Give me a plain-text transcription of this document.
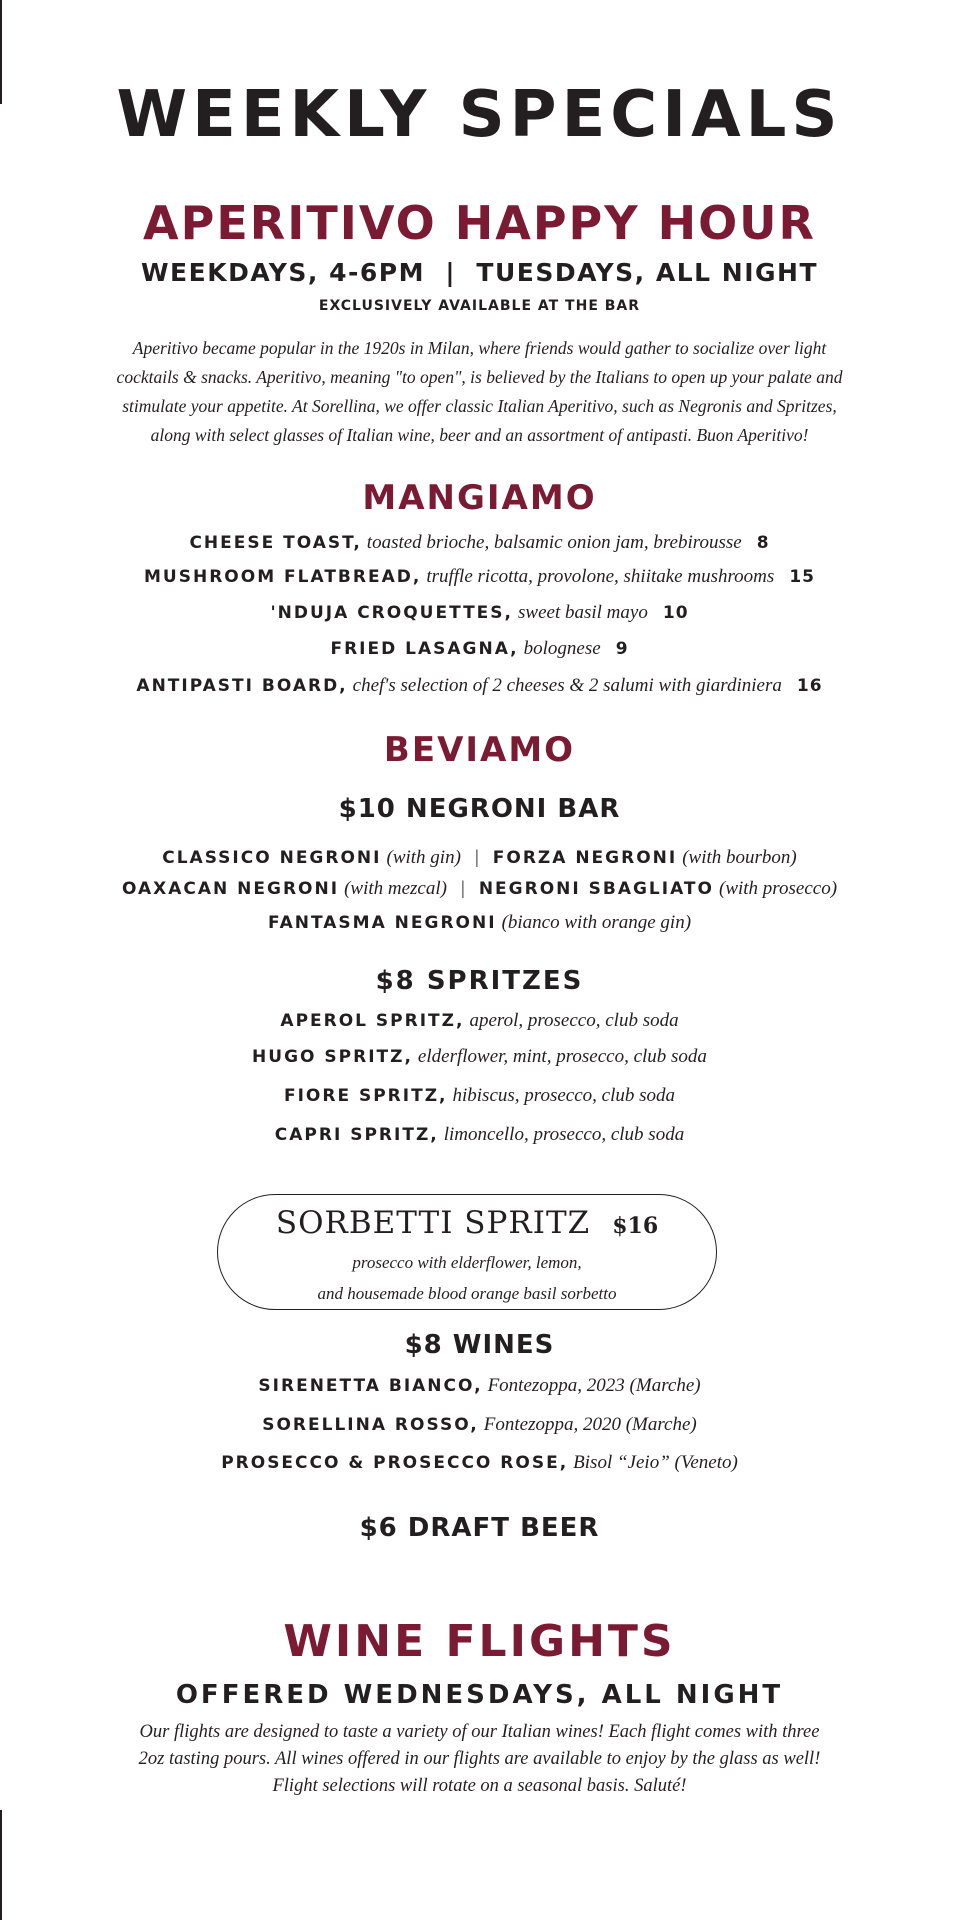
WEEKLY SPECIALS
APERITIVO HAPPY HOUR
WEEKDAYS, 4-6PM  |  TUESDAYS, ALL NIGHT
EXCLUSIVELY AVAILABLE AT THE BAR
Aperitivo became popular in the 1920s in Milan, where friends would gather to socialize over light
cocktails & snacks. Aperitivo, meaning "to open", is believed by the Italians to open up your palate and
stimulate your appetite. At Sorellina, we offer classic Italian Aperitivo, such as Negronis and Spritzes,
along with select glasses of Italian wine, beer and an assortment of antipasti. Buon Aperitivo!
MANGIAMO
CHEESE TOAST, toasted brioche, balsamic onion jam, brebirousse 8
MUSHROOM FLATBREAD, truffle ricotta, provolone, shiitake mushrooms 15
'NDUJA CROQUETTES, sweet basil mayo 10
FRIED LASAGNA, bolognese 9
ANTIPASTI BOARD, chef's selection of 2 cheeses & 2 salumi with giardiniera 16
BEVIAMO
$10 NEGRONI BAR
CLASSICO NEGRONI (with gin) | FORZA NEGRONI (with bourbon)
OAXACAN NEGRONI (with mezcal) | NEGRONI SBAGLIATO (with prosecco)
FANTASMA NEGRONI (bianco with orange gin)
$8 SPRITZES
APEROL SPRITZ, aperol, prosecco, club soda
HUGO SPRITZ, elderflower, mint, prosecco, club soda
FIORE SPRITZ, hibiscus, prosecco, club soda
CAPRI SPRITZ, limoncello, prosecco, club soda
SORBETTI SPRITZ $16
prosecco with elderflower, lemon,
and housemade blood orange basil sorbetto
$8 WINES
SIRENETTA BIANCO, Fontezoppa, 2023 (Marche)
SORELLINA ROSSO, Fontezoppa, 2020 (Marche)
PROSECCO & PROSECCO ROSE, Bisol “Jeio” (Veneto)
$6 DRAFT BEER
WINE FLIGHTS
OFFERED WEDNESDAYS, ALL NIGHT
Our flights are designed to taste a variety of our Italian wines! Each flight comes with three
2oz tasting pours. All wines offered in our flights are available to enjoy by the glass as well!
Flight selections will rotate on a seasonal basis. Saluté!
